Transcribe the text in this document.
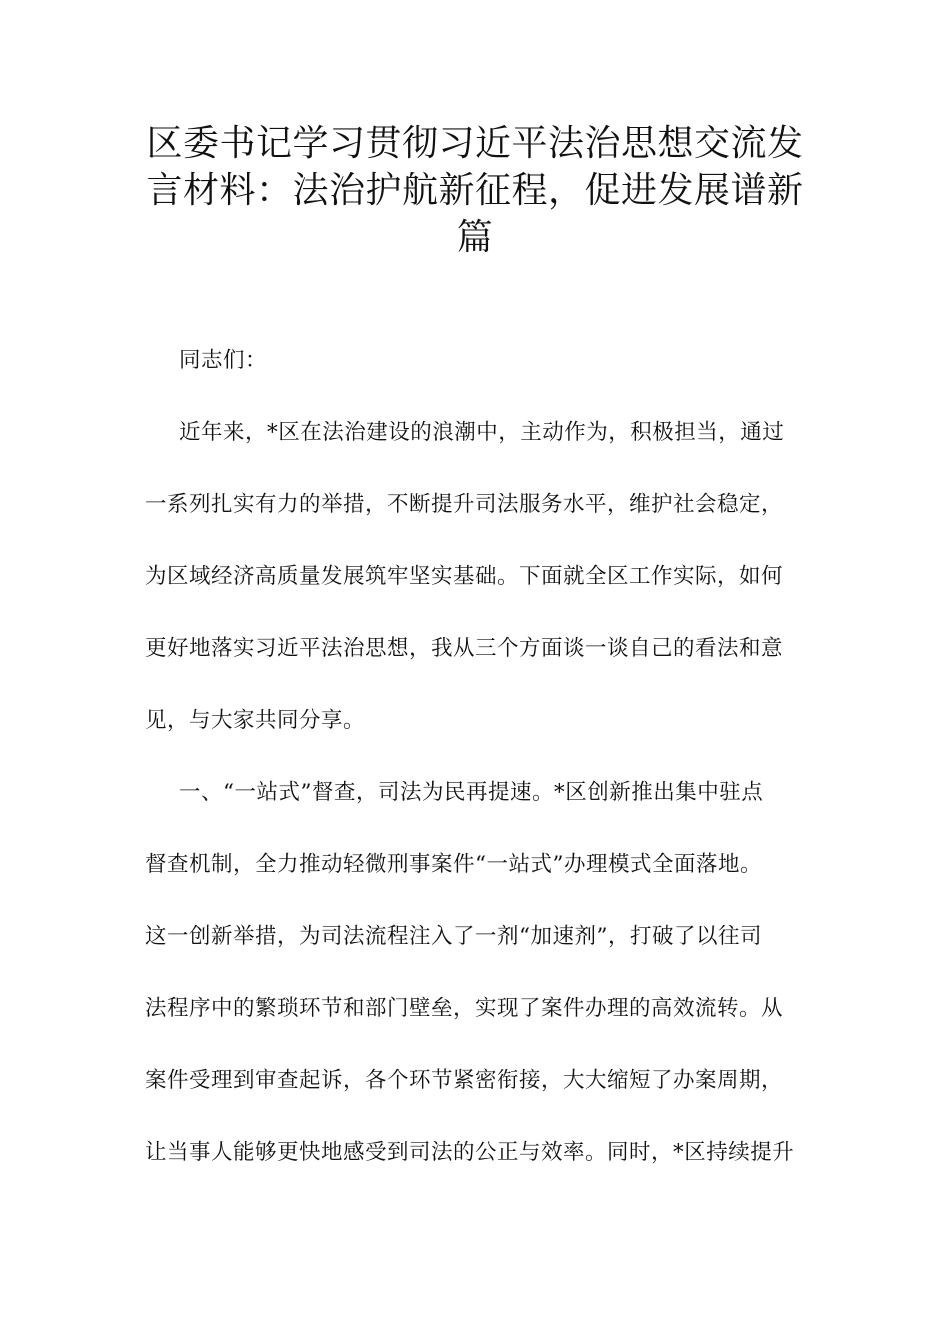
区委书记学习贯彻习近平法治思想交流发
言材料：法治护航新征程，促进发展谱新
篇
同志们：
近年来，*区在法治建设的浪潮中，主动作为，积极担当，通过
一系列扎实有力的举措，不断提升司法服务水平，维护社会稳定，
为区域经济高质量发展筑牢坚实基础。下面就全区工作实际，如何
更好地落实习近平法治思想，我从三个方面谈一谈自己的看法和意
见，与大家共同分享。
一、“一站式”督查，司法为民再提速。*区创新推出集中驻点
督查机制，全力推动轻微刑事案件“一站式”办理模式全面落地。
这一创新举措，为司法流程注入了一剂“加速剂”，打破了以往司
法程序中的繁琐环节和部门壁垒，实现了案件办理的高效流转。从
案件受理到审查起诉，各个环节紧密衔接，大大缩短了办案周期，
让当事人能够更快地感受到司法的公正与效率。同时，*区持续提升
